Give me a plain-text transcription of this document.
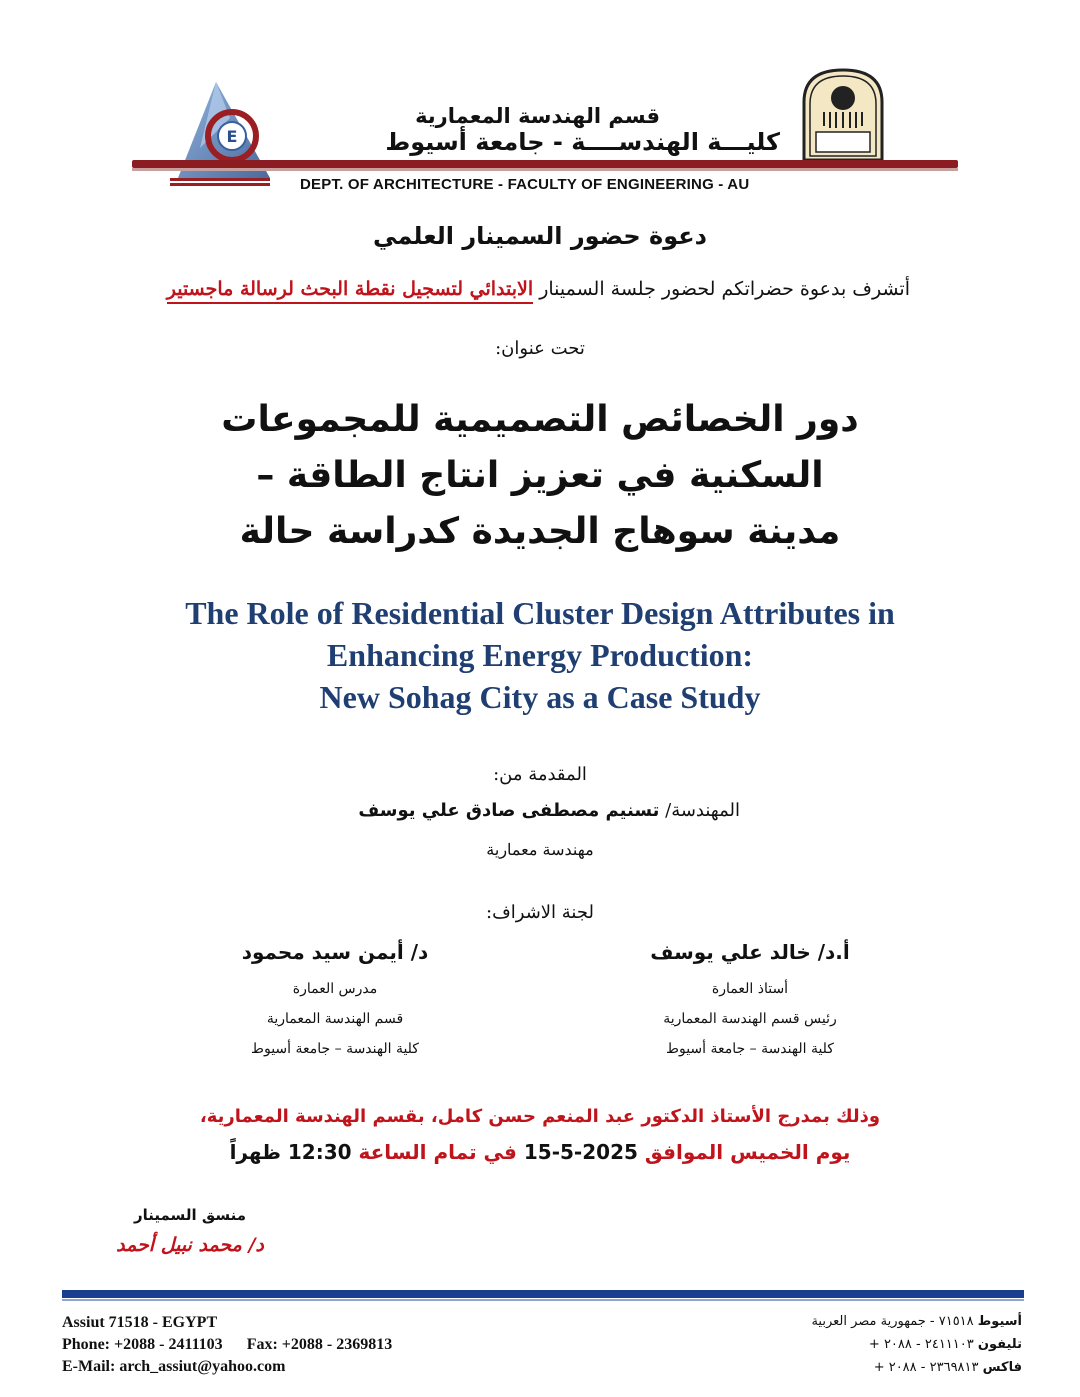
E
قسم الهندسة المعمارية
كليـــة الهندســــة - جامعة أسيوط
DEPT. OF ARCHITECTURE - FACULTY OF ENGINEERING - AU
دعوة حضور السمينار العلمي
أتشرف بدعوة حضراتكم لحضور جلسة السمينار الابتدائي لتسجيل نقطة البحث لرسالة ماجستير
تحت عنوان:
دور الخصائص التصميمية للمجموعات
السكنية في تعزيز انتاج الطاقة –
مدينة سوهاج الجديدة كدراسة حالة
The Role of Residential Cluster Design Attributes in
Enhancing Energy Production:
New Sohag City as a Case Study
المقدمة من:
المهندسة/ تسنيم مصطفى صادق علي يوسف
مهندسة معمارية
لجنة الاشراف:
أ.د/ خالد علي يوسف
أستاذ العمارة
رئيس قسم الهندسة المعمارية
كلية الهندسة – جامعة أسيوط
د/ أيمن سيد محمود
مدرس العمارة
قسم الهندسة المعمارية
كلية الهندسة – جامعة أسيوط
وذلك بمدرج الأستاذ الدكتور عبد المنعم حسن كامل، بقسم الهندسة المعمارية،
يوم الخميس الموافق 2025-5-15 في تمام الساعة 12:30 ظهراً
منسق السمينار
د/ محمد نبيل أحمد
Assiut 71518 - EGYPT
Phone: +2088 - 2411103 Fax: +2088 - 2369813
E-Mail: arch_assiut@yahoo.com
أسيوط ٧١٥١٨ - جمهورية مصر العربية
تليفون ٢٤١١١٠٣ - ٢٠٨٨ +
فاكس ٢٣٦٩٨١٣ - ٢٠٨٨ +
